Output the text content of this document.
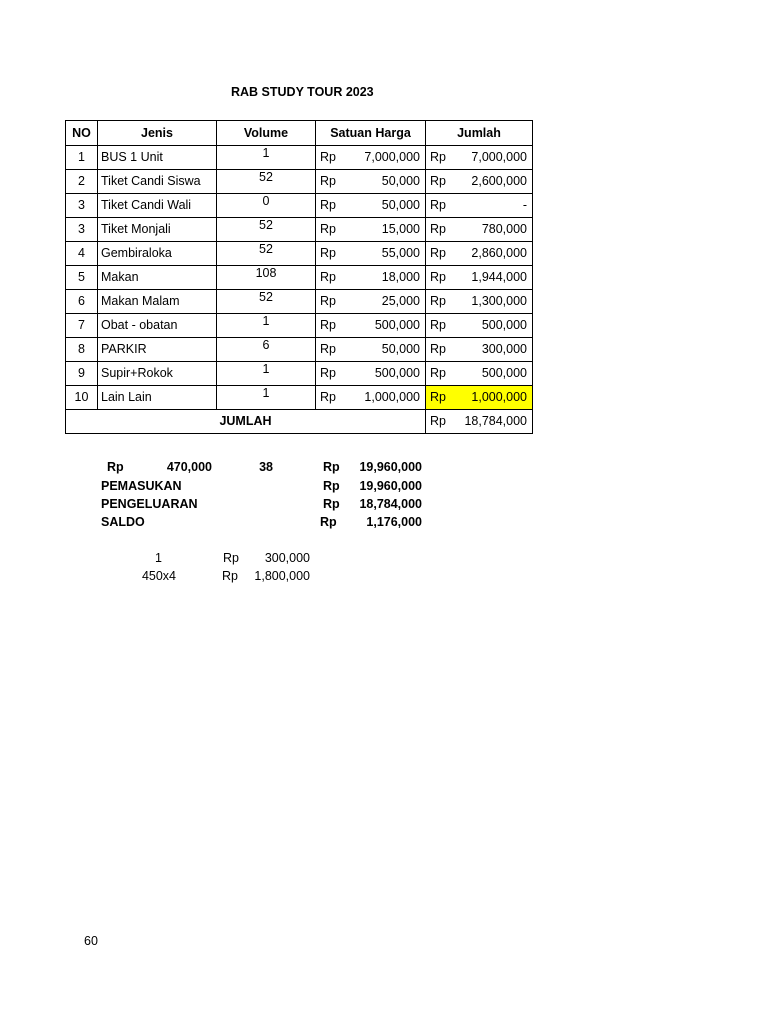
RAB STUDY TOUR 2023
NO	Jenis	Volume	Satuan Harga	Jumlah
1	BUS 1 Unit	1	Rp 7,000,000	Rp 7,000,000

2	Tiket Candi Siswa	52	Rp 50,000	Rp 2,600,000

3	Tiket Candi Wali	0	Rp 50,000	Rp -

3	Tiket Monjali	52	Rp 15,000	Rp 780,000

4	Gembiraloka	52	Rp 55,000	Rp 2,860,000

5	Makan	108	Rp 18,000	Rp 1,944,000

6	Makan Malam	52	Rp 25,000	Rp 1,300,000

7	Obat - obatan	1	Rp 500,000	Rp 500,000

8	PARKIR	6	Rp 50,000	Rp 300,000

9	Supir+Rokok	1	Rp 500,000	Rp 500,000

10	Lain Lain	1	Rp 1,000,000	Rp 1,000,000

JUMLAH				Rp 18,784,000
Rp	470,000	38	Rp	19,960,000
PEMASUKAN	Rp	19,960,000
PENGELUARAN	Rp	18,784,000
SALDO	Rp	1,176,000
1	Rp	300,000
450x4	Rp	1,800,000
60
